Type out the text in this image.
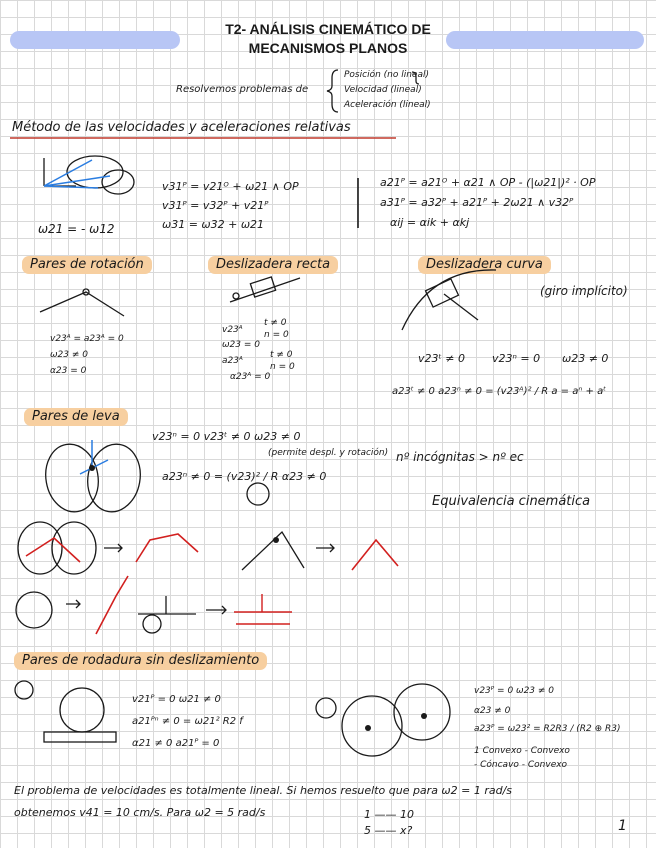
T2- ANÁLISIS CINEMÁTICO DE
MECANISMOS PLANOS
Resolvemos problemas de
Posición (no lineal)
Velocidad (lineal)
Aceleración (lineal)
Método de las velocidades y aceleraciones relativas
ω21 = - ω12
v31ᴾ = v21ᴼ + ω21 ∧ OP
v31ᴾ = v32ᴾ + v21ᴾ
ω31 = ω32 + ω21
a21ᴾ = a21ᴼ + α21 ∧ OP - (|ω21|)² · OP
a31ᴾ = a32ᴾ + a21ᴾ + 2ω21 ∧ v32ᴾ
αij = αik + αkj
Pares de rotación	Deslizadera recta	Deslizadera curva
(giro implícito)
v23ᴬ = a23ᴬ = 0
ω23 ≠ 0
α23 = 0
v23ᴬ
ω23 = 0
a23ᴬ
α23ᴬ = 0
t ≠ 0
n = 0
t ≠ 0
n = 0
v23ᵗ ≠ 0 v23ⁿ = 0 ω23 ≠ 0
a23ᵗ ≠ 0 a23ⁿ ≠ 0 = (v23ᴬ)² / R a = aⁿ + aᵗ
Pares de leva
v23ⁿ = 0 v23ᵗ ≠ 0 ω23 ≠ 0
(permite despl. y rotación)
a23ⁿ ≠ 0 = (v23)² / R α23 ≠ 0
nº incógnitas > nº ec
Equivalencia cinemática
Pares de rodadura sin deslizamiento
v21ᴾ = 0 ω21 ≠ 0
a21ᴾⁿ ≠ 0 = ω21² R2 f
α21 ≠ 0 a21ᴾ = 0
v23ᴾ = 0 ω23 ≠ 0
α23 ≠ 0
a23ᴾ = ω23² = R2R3 / (R2 ⊕ R3)
1 Convexo - Convexo
- Cóncavo - Convexo
El problema de velocidades es totalmente lineal. Si hemos resuelto que para ω2 = 1 rad/s
obtenemos v41 = 10 cm/s. Para ω2 = 5 rad/s	1 —— 10
5 —— x?	1
